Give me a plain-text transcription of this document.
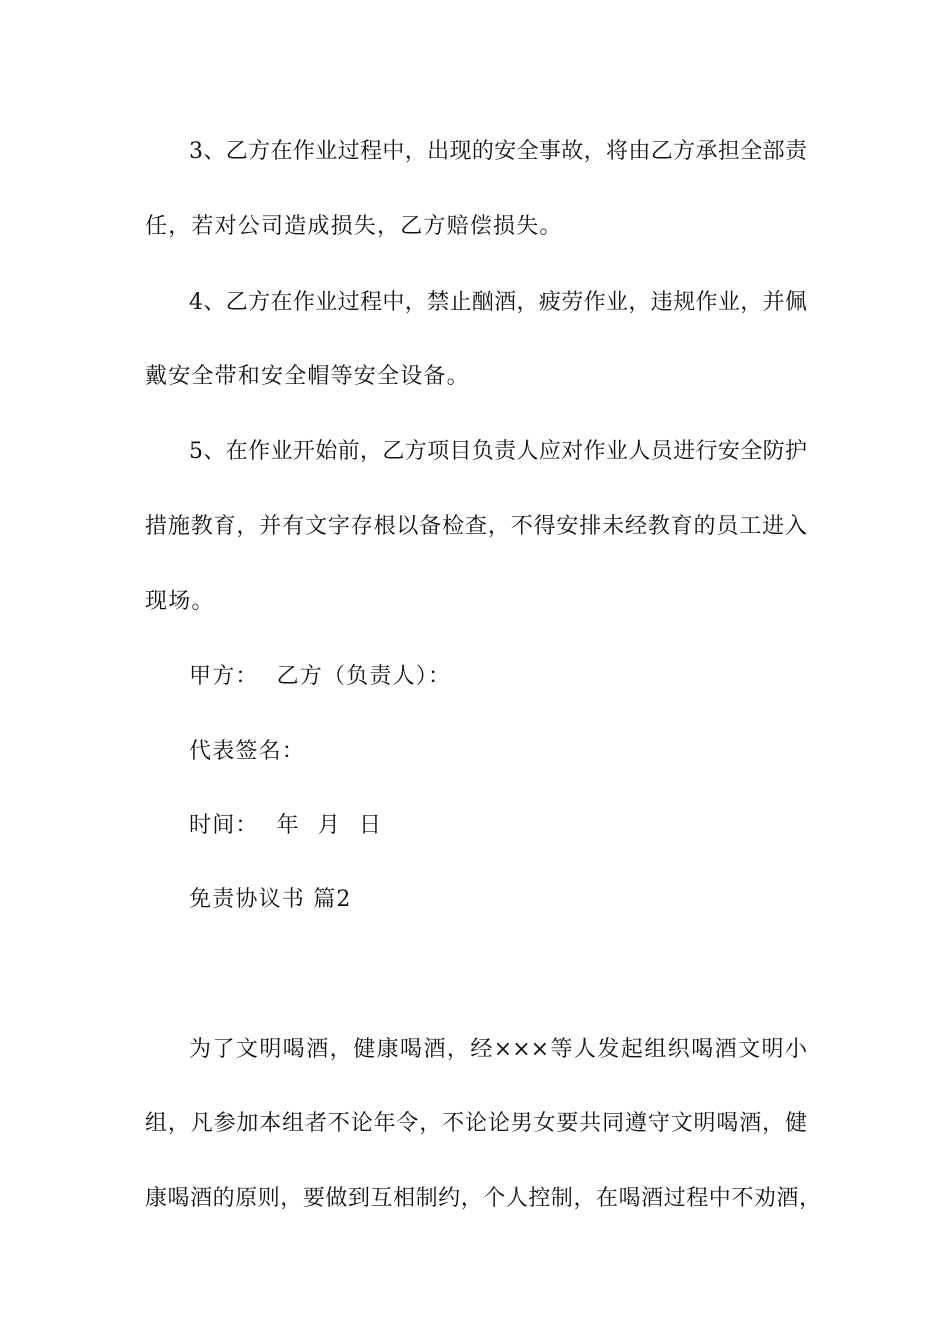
3、乙方在作业过程中，出现的安全事故，将由乙方承担全部责
任，若对公司造成损失，乙方赔偿损失。
4、乙方在作业过程中，禁止酗酒，疲劳作业，违规作业，并佩
戴安全带和安全帽等安全设备。
5、在作业开始前，乙方项目负责人应对作业人员进行安全防护
措施教育，并有文字存根以备检查，不得安排未经教育的员工进入
现场。
甲方： 乙方（负责人）：
代表签名：
时间： 年 月 日
免责协议书 篇2
为了文明喝酒，健康喝酒，经×××等人发起组织喝酒文明小
组，凡参加本组者不论年令，不论论男女要共同遵守文明喝酒，健
康喝酒的原则，要做到互相制约，个人控制，在喝酒过程中不劝酒，
